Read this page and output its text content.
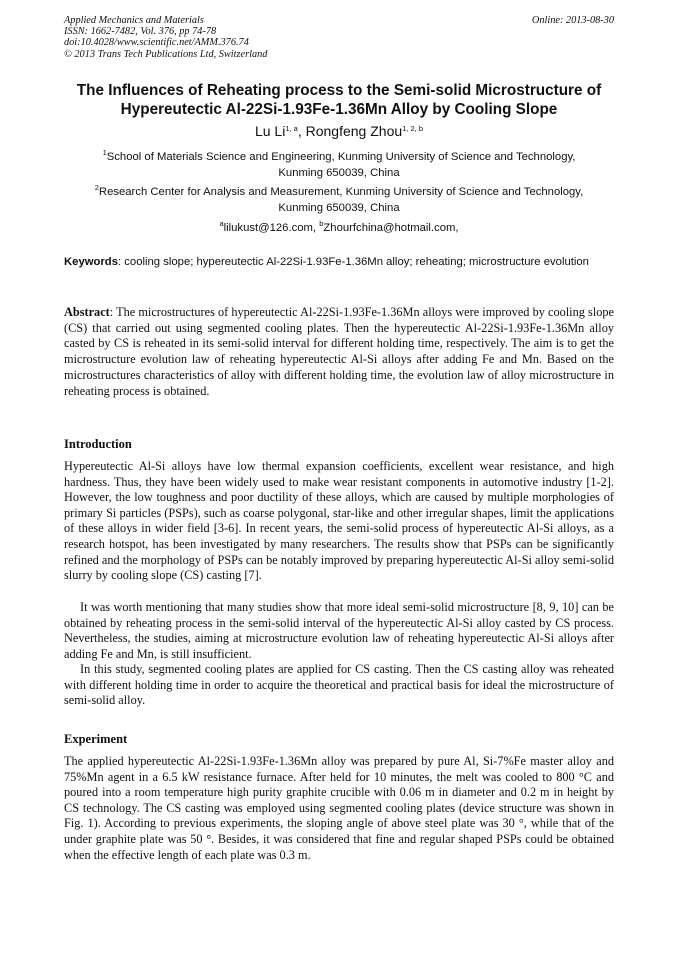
Applied Mechanics and Materials
ISSN: 1662-7482, Vol. 376, pp 74-78
doi:10.4028/www.scientific.net/AMM.376.74
© 2013 Trans Tech Publications Ltd, Switzerland
Online: 2013-08-30
The Influences of Reheating process to the Semi-solid Microstructure of
Hypereutectic Al-22Si-1.93Fe-1.36Mn Alloy by Cooling Slope
Lu Li$^{1, a}$, Rongfeng Zhou$^{1, 2, b}$
$^1$School of Materials Science and Engineering, Kunming University of Science and Technology,
Kunming 650039, China
$^2$Research Center for Analysis and Measurement, Kunming University of Science and Technology,
Kunming 650039, China
$^a$lilukust@126.com, $^b$Zhourfchina@hotmail.com,

Keywords: cooling slope; hypereutectic Al-22Si-1.93Fe-1.36Mn alloy; reheating; microstructure evolution

Abstract: The microstructures of hypereutectic Al-22Si-1.93Fe-1.36Mn alloys were improved by cooling slope (CS) that carried out using segmented cooling plates. Then the hypereutectic Al-22Si-1.93Fe-1.36Mn alloy casted by CS is reheated in its semi-solid interval for different holding time, respectively. The aim is to get the microstructure evolution law of reheating hypereutectic Al-Si alloys after adding Fe and Mn. Based on the microstructures characteristics of alloy with different holding time, the evolution law of alloy microstructure in reheating process is obtained.

Introduction

Hypereutectic Al-Si alloys have low thermal expansion coefficients, excellent wear resistance, and high hardness. Thus, they have been widely used to make wear resistant components in automotive industry [1-2]. However, the low toughness and poor ductility of these alloys, which are caused by multiple morphologies of primary Si particles (PSPs), such as coarse polygonal, star-like and other irregular shapes, limit the applications of these alloys in wider field [3-6]. In recent years, the semi-solid process of hypereutectic Al-Si alloys, as a research hotspot, has been investigated by many researchers. The results show that PSPs can be significantly refined and the morphology of PSPs can be notably improved by preparing hypereutectic Al-Si alloy semi-solid slurry by cooling slope (CS) casting [7].

It was worth mentioning that many studies show that more ideal semi-solid microstructure [8, 9, 10] can be obtained by reheating process in the semi-solid interval of the hypereutectic Al-Si alloy casted by CS process. Nevertheless, the studies, aiming at microstructure evolution law of reheating hypereutectic Al-Si alloys after adding Fe and Mn, is still insufficient.

In this study, segmented cooling plates are applied for CS casting. Then the CS casting alloy was reheated with different holding time in order to acquire the theoretical and practical basis for ideal the microstructure of semi-solid alloy.

Experiment

The applied hypereutectic Al-22Si-1.93Fe-1.36Mn alloy was prepared by pure Al, Si-7%Fe master alloy and 75%Mn agent in a 6.5 kW resistance furnace. After held for 10 minutes, the melt was cooled to 800 °C and poured into a room temperature high purity graphite crucible with 0.06 m in diameter and 0.2 m in height by CS technology. The CS casting was employed using segmented cooling plates (device structure was shown in Fig. 1). According to previous experiments, the sloping angle of above steel plate was 30 °, while that of the under graphite plate was 50 °. Besides, it was considered that fine and regular shaped PSPs could be obtained when the effective length of each plate was 0.3 m.
